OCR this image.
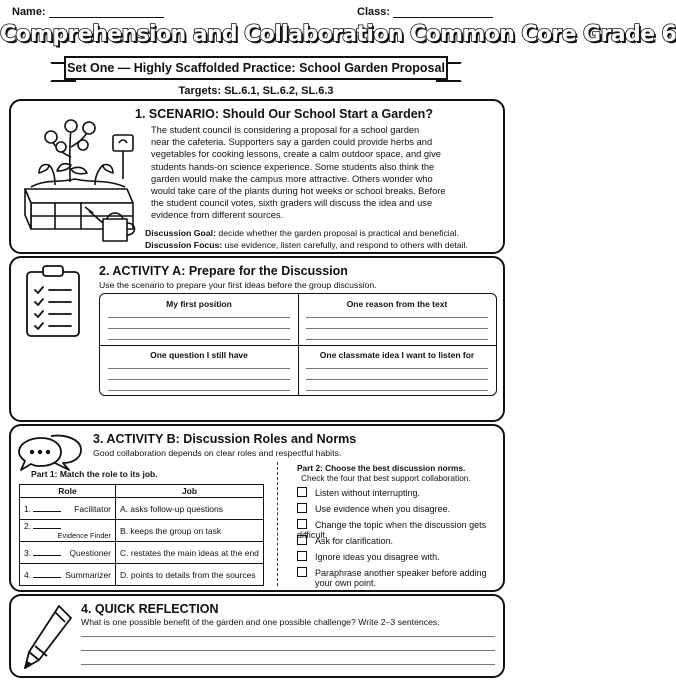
Name:	Class:
Comprehension and Collaboration Common Core Grade 6
Set One — Highly Scaffolded Practice: School Garden Proposal
Targets: SL.6.1, SL.6.2, SL.6.3
1. SCENARIO: Should Our School Start a Garden?
The student council is considering a proposal for a school garden
near the cafeteria. Supporters say a garden could provide herbs and
vegetables for cooking lessons, create a calm outdoor space, and give
students hands-on science experience. Some students also think the
garden would make the campus more attractive. Others wonder who
would take care of the plants during hot weeks or school breaks. Before
the student council votes, sixth graders will discuss the idea and use
evidence from different sources.
Discussion Goal: decide whether the garden proposal is practical and beneficial.
Discussion Focus: use evidence, listen carefully, and respond to others with detail.
2. ACTIVITY A: Prepare for the Discussion
Use the scenario to prepare your first ideas before the group discussion.
My first position	One reason from the text
One question I still have	One classmate idea I want to listen for
3. ACTIVITY B: Discussion Roles and Norms
Good collaboration depends on clear roles and respectful habits.
Part 1: Match the role to its job.
Role	Job
1. Facilitator	A. asks follow-up questions
2.
Evidence Finder	B. keeps the group on task
3. Questioner	C. restates the main ideas at the end
4. Summarizer	D. points to details from the sources
Part 2: Choose the best discussion norms.
Check the four that best support collaboration.
Listen without interrupting.
Use evidence when you disagree.
Change the topic when the discussion gets difficult.
Ask for clarification.
Ignore ideas you disagree with.
Paraphrase another speaker before adding
your own point.
4. QUICK REFLECTION
What is one possible benefit of the garden and one possible challenge? Write 2–3 sentences.
